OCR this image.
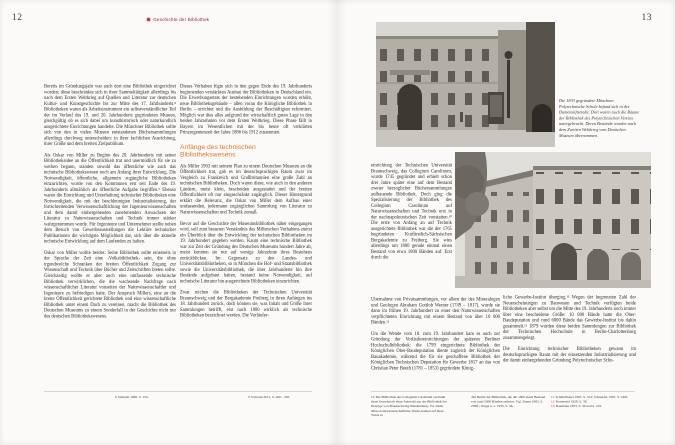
12	Geschichte der Bibliothek

Bereits im Gründungsjahr war auch dort eine Bibliothek eingerichtet worden; diese beschränkte sich in ihrer Sammeltätigkeit allerdings bis nach dem Ersten Weltkrieg auf Quellen und Literatur zur deutschen Kultur- und Kunstgeschichte bis zur Mitte des 17. Jahrhunderts.⁸ Bibliotheken waren als Arbeitsinstrument ein selbstverständlicher Teil der im Verlauf des 19. und 20. Jahrhunderts gegründeten Museen, gleichgültig ob es sich dabei um kunsthistorisch oder naturkundlich ausgerichtete Einrichtungen handelte. Die Münchner Bibliothek sollte sich von den in vielen Museen entstandenen Büchersammlungen allerdings durchweg unterscheiden: in ihrer fachlichen Ausrichtung, ihrer Größe und dem breiten Zielpublikum.

Als Oskar von Miller zu Beginn des 20. Jahrhunderts mit seiner Bibliotheksidee an die Öffentlichkeit trat und unermüdlich für sie zu werben begann, standen sowohl das öffentliche wie auch das technische Bibliothekswesen noch am Anfang ihrer Entwicklung. Die Notwendigkeit, öffentliche, allgemein zugängliche Bibliotheken einzurichten, wurde von den Kommunen erst seit Ende des 19. Jahrhunderts allmählich als öffentliche Aufgabe begriffen.⁹ Ebenso waren die Einrichtung und Unterhaltung technischer Bibliotheken eine Notwendigkeit, die mit der beschleunigten Industrialisierung, der fortschreitenden Verwissenschaftlichung der Ingenieurwissenschaften und dem damit einhergehenden zunehmenden Anwachsen der Literatur zu Naturwissenschaften und Technik immer stärker wahrgenommen wurde. Für Ingenieure und Unternehmer stellte neben dem Besuch von Gewerbeausstellungen die Lektüre technischer Publikationen die wichtigste Möglichkeit dar, sich über die aktuelle technische Entwicklung auf dem Laufenden zu halten.

Oskar von Miller wollte beides: Seine Bibliothek sollte einerseits in der Sprache der Zeit eine ‹Volksbibliothek› sein, die ohne irgendwelche Schranken der breiten Öffentlichkeit Zugang zur Wissenschaft und Technik über Bücher und Zeitschriften bieten sollte. Gleichzeitig wollte er aber auch eine umfassende technische Bibliothek verwirklichen, die die wachsende Nachfrage nach wissenschaftlicher Literatur vonseiten der Naturwissenschaftler und Ingenieure zu befriedigen hatte. Der Anspruch Millers, eine an die breite Öffentlichkeit gerichtete Bibliothek und eine wissenschaftliche Bibliothek unter einem Dach zu vereinen, macht die Bibliothek des Deutschen Museums zu einem Sonderfall in der Geschichte nicht nur des deutschen Bibliothekswesens.

Dieses Vorhaben fügte sich in den gegen Ende des 19. Jahrhunderts beginnenden verstärkten Ausbau der Bibliotheken in Deutschland ein. Die Erwerbungsetats der bestehenden Einrichtungen wurden erhöht, neue Bibliotheksgebäude – allen voran die Königliche Bibliothek in Berlin – errichtet und die Ausbildung der Beschäftigten reformiert. Möglich war dies alles aufgrund der wirtschaftlich guten Lage in den beiden Jahrzehnten vor dem Ersten Weltkrieg. Diese Phase fällt in Bayern im Wesentlichen mit der bis heute oft verklärten Prinzregentenzeit der Jahre 1886 bis 1912 zusammen.

Anfänge des technischen Bibliothekswesens

Als Miller 1903 mit seinem Plan zu einem Deutschen Museum an die Öffentlichkeit trat, gab es im deutschsprachigen Raum zwar im Vergleich zu Frankreich und Großbritannien eine große Zahl an technischen Bibliotheken. Doch waren diese, wie auch in den anderen Ländern, meist klein, bescheiden ausgestattet und der breiten Öffentlichkeit oft nur eingeschränkt zugänglich. Dieser Hintergrund erklärt die Relevanz, die Oskar von Miller dem Aufbau einer umfassenden, jedermann zugänglichen Sammlung von Literatur zu Naturwissenschaften und Technik zumaß.

Bevor auf die Geschichte der Museumsbibliothek näher eingegangen wird, soll zum besseren Verständnis des Millerschen Vorhabens zuerst ein Überblick über die Entwicklung der technischen Bibliotheken im 19. Jahrhundert gegeben werden. Kaum eine technische Bibliothek war zur Zeit der Gründung des Deutschen Museums hundert Jahre alt, meist konnten sie nur auf wenige Jahrzehnte ihres Bestehens zurückblicken. Im Gegensatz zu den Landes- und Universitätsbibliotheken, so in München die Hof- und Staatsbibliothek sowie die Universitätsbibliothek, die über Jahrhunderte hin ihre Bestände aufgebaut hatten, bestand keine Notwendigkeit, auf technische Literatur hin ausgerichtete Bibliotheken einzurichten.

Zwar reichen die Bibliotheken der Technischen Universität Braunschweig und der Bergakademie Freiberg in ihren Anfängen ins 18. Jahrhundert zurück, doch können sie, was Inhalt und Größe ihrer Sammlungen betrifft, erst nach 1800 wirklich als technische Bibliotheken bezeichnet werden. Die Vorläufer-

8Sampler 1996, S. 154.	9Vodosek 2011, S. 260 – 265.
13
Die 1833 gegründete Münchner Polytechnische Schule befand sich in der Damenstiftstraße. Dort waren auch die Räume der Bibliothek des Polytechnischen Vereins untergebracht. Deren Bestände wurden nach dem Zweiten Weltkrieg vom Deutschen Museum übernommen.

einrichtung der Technischen Universität Braunschweig, das Collegium Carolinum, wurde 1745 gegründet und erhielt schon drei Jahre später eine auf dem Bestand zweier herzoglicher Büchersammlungen aufbauende Bibliothek. Doch ging die Spezialisierung der Bibliothek des Collegium Carolinum auf Naturwissenschaften und Technik erst in der nachnapoleonischen Zeit vonstatten.¹⁰ Die erste von Anfang an auf Technik ausgerichtete Bibliothek war die der 1765 begründeten Kurfürstlich-Sächsischen Bergakademie zu Freiberg. Sie wies allerdings um 1800 gerade einmal einen Bestand von etwa 1000 Bänden auf. Erst durch die

Übernahme von Privatsammlungen, vor allem der des Mineralogen und Geologen Abraham Gottlob Werner (1749 – 1817), wurde sie dann im frühen 19. Jahrhundert zu einer den Naturwissenschaften verpflichteten Einrichtung mit einem Bestand von über 10 000 Bänden.¹¹

Um die Wende vom 18. zum 19. Jahrhundert kam es auch zur Gründung der Vorläufereinrichtungen der späteren Berliner Hochschulbibliothek: die 1799 eingerichtete Bibliothek der Königlichen Ober-Baudeputation diente zugleich der Königlichen Bauakademie, während die für sie geschaffene Bibliothek der Königlichen Technischen Deputation für Gewerbe 1817 an das von Christian Peter Beuth (1781 – 1853) gegründete König-

liche Gewerbe-Institut überging.¹² Wegen der begrenzten Zahl der Neuerscheinungen zu Bauwesen und Technik verfügten beide Bibliotheken aber selbst um die Mitte des 19. Jahrhunderts noch immer über eine bescheidene Größe: 10 000 Bände hatte die Ober-Baudeputation und rund 6000 Bände das Gewerbe-Institut bis dahin gesammelt.¹³ 1879 wurden diese beiden Sammlungen zur Bibliothek der Technischen Hochschule in Berlin-Charlottenburg zusammengelegt.

Die Einrichtung technischer Bibliotheken gewann im deutschsprachigen Raum mit der einsetzenden Industrialisierung und der damit einhergehenden Gründung Polytechnischer Schu-

10Die Bibliothek des Collegium Carolinum verdankt ihren Grundstock einer Auswahl aus der Bibliothek der Herzöge von Braunschweig-Blankenburg. Vor allem ältere naturwissenschaftliche Werke kamen auf diese Weise in
den Besitz der Bibliothek, die um 1800 einen Bestand von rund 5000 Bänden aufwies. Vgl. Daum 1985, S. 239ff.; Nagel u. a. 1995, S. 46.
11Schmidmaier 1991, S. 314; Schneider 1997, S. 240f.
12Rosenstiel 1929, S. 38.
13Naumann 1853, S. 30 und S. 216.
